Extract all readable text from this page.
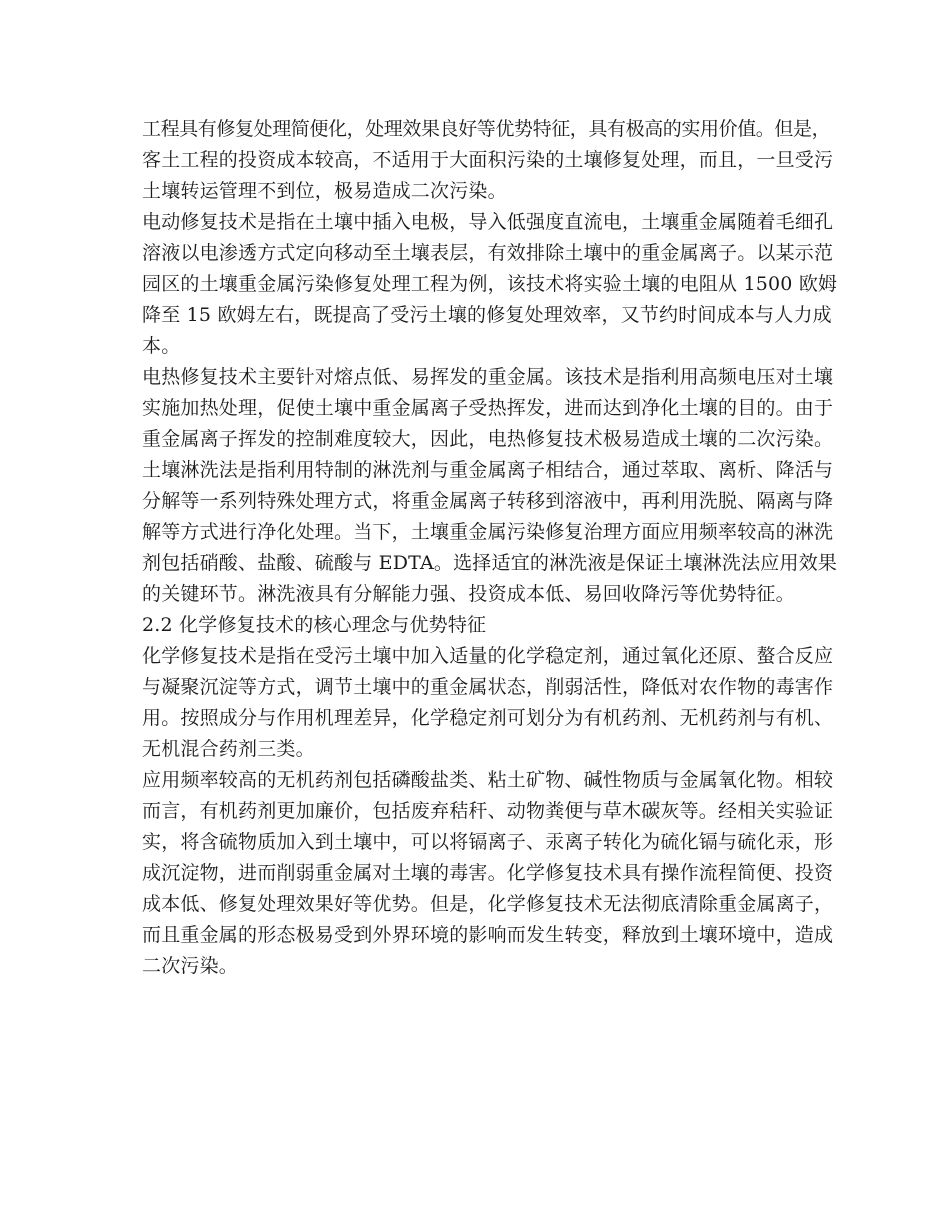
工程具有修复处理简便化，处理效果良好等优势特征，具有极高的实用价值。但是，
客土工程的投资成本较高，不适用于大面积污染的土壤修复处理，而且，一旦受污
土壤转运管理不到位，极易造成二次污染。
电动修复技术是指在土壤中插入电极，导入低强度直流电，土壤重金属随着毛细孔
溶液以电渗透方式定向移动至土壤表层，有效排除土壤中的重金属离子。以某示范
园区的土壤重金属污染修复处理工程为例，该技术将实验土壤的电阻从 1500 欧姆
降至 15 欧姆左右，既提高了受污土壤的修复处理效率，又节约时间成本与人力成
本。
电热修复技术主要针对熔点低、易挥发的重金属。该技术是指利用高频电压对土壤
实施加热处理，促使土壤中重金属离子受热挥发，进而达到净化土壤的目的。由于
重金属离子挥发的控制难度较大，因此，电热修复技术极易造成土壤的二次污染。
土壤淋洗法是指利用特制的淋洗剂与重金属离子相结合，通过萃取、离析、降活与
分解等一系列特殊处理方式，将重金属离子转移到溶液中，再利用洗脱、隔离与降
解等方式进行净化处理。当下，土壤重金属污染修复治理方面应用频率较高的淋洗
剂包括硝酸、盐酸、硫酸与 EDTA。选择适宜的淋洗液是保证土壤淋洗法应用效果
的关键环节。淋洗液具有分解能力强、投资成本低、易回收降污等优势特征。
2.2 化学修复技术的核心理念与优势特征
化学修复技术是指在受污土壤中加入适量的化学稳定剂，通过氧化还原、螯合反应
与凝聚沉淀等方式，调节土壤中的重金属状态，削弱活性，降低对农作物的毒害作
用。按照成分与作用机理差异，化学稳定剂可划分为有机药剂、无机药剂与有机、
无机混合药剂三类。
应用频率较高的无机药剂包括磷酸盐类、粘土矿物、碱性物质与金属氧化物。相较
而言，有机药剂更加廉价，包括废弃秸秆、动物粪便与草木碳灰等。经相关实验证
实，将含硫物质加入到土壤中，可以将镉离子、汞离子转化为硫化镉与硫化汞，形
成沉淀物，进而削弱重金属对土壤的毒害。化学修复技术具有操作流程简便、投资
成本低、修复处理效果好等优势。但是，化学修复技术无法彻底清除重金属离子，
而且重金属的形态极易受到外界环境的影响而发生转变，释放到土壤环境中，造成
二次污染。
